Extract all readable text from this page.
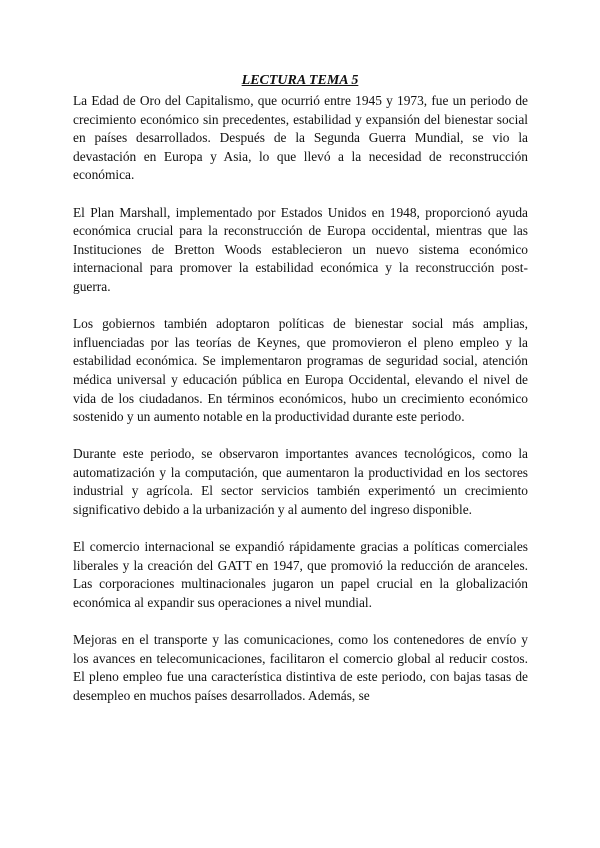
LECTURA TEMA 5

La Edad de Oro del Capitalismo, que ocurrió entre 1945 y 1973, fue un periodo de crecimiento económico sin precedentes, estabilidad y expansión del bienestar social en países desarrollados. Después de la Segunda Guerra Mundial, se vio la devastación en Europa y Asia, lo que llevó a la necesidad de reconstrucción económica.

El Plan Marshall, implementado por Estados Unidos en 1948, proporcionó ayuda económica crucial para la reconstrucción de Europa occidental, mientras que las Instituciones de Bretton Woods establecieron un nuevo sistema económico internacional para promover la estabilidad económica y la reconstrucción post-guerra.

Los gobiernos también adoptaron políticas de bienestar social más amplias, influenciadas por las teorías de Keynes, que promovieron el pleno empleo y la estabilidad económica. Se implementaron programas de seguridad social, atención médica universal y educación pública en Europa Occidental, elevando el nivel de vida de los ciudadanos. En términos económicos, hubo un crecimiento económico sostenido y un aumento notable en la productividad durante este periodo.

Durante este periodo, se observaron importantes avances tecnológicos, como la automatización y la computación, que aumentaron la productividad en los sectores industrial y agrícola. El sector servicios también experimentó un crecimiento significativo debido a la urbanización y al aumento del ingreso disponible.

El comercio internacional se expandió rápidamente gracias a políticas comerciales liberales y la creación del GATT en 1947, que promovió la reducción de aranceles. Las corporaciones multinacionales jugaron un papel crucial en la globalización económica al expandir sus operaciones a nivel mundial.

Mejoras en el transporte y las comunicaciones, como los contenedores de envío y los avances en telecomunicaciones, facilitaron el comercio global al reducir costos. El pleno empleo fue una característica distintiva de este periodo, con bajas tasas de desempleo en muchos países desarrollados. Además, se
